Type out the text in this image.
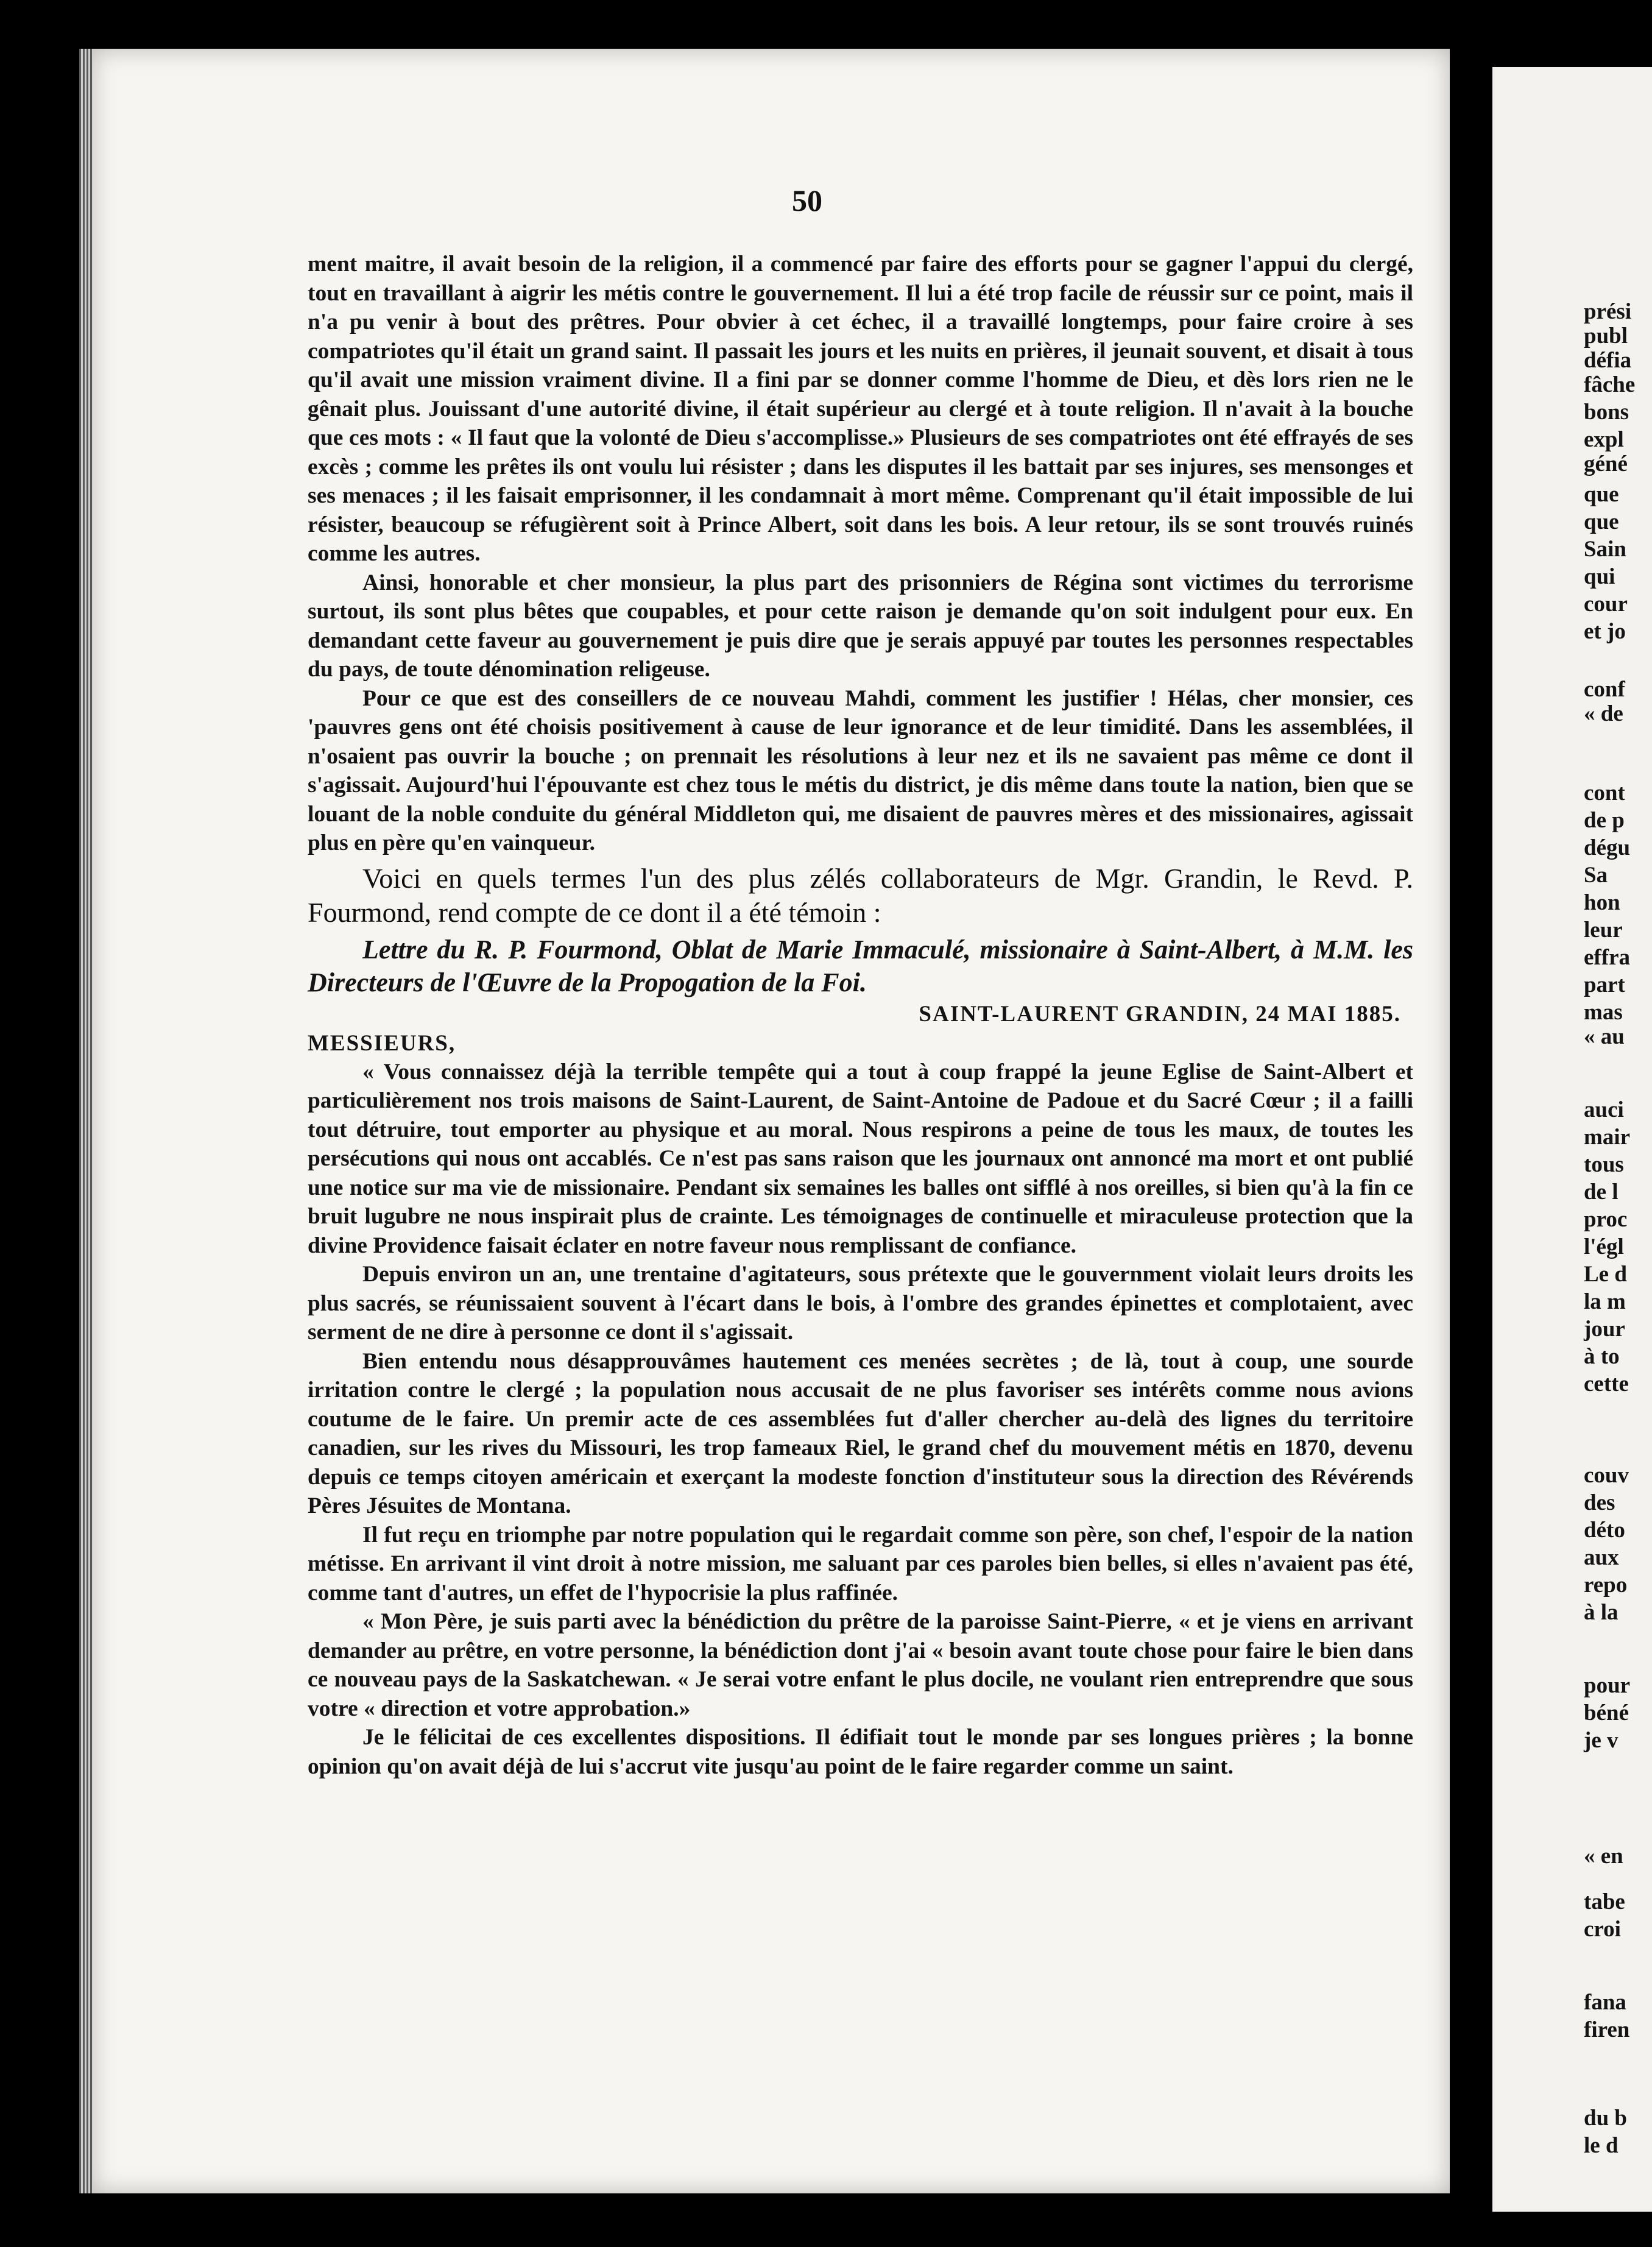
50

ment maitre, il avait besoin de la religion, il a commencé par faire des efforts pour se gagner l'appui du clergé, tout en travaillant à aigrir les métis contre le gouvernement. Il lui a été trop facile de réussir sur ce point, mais il n'a pu venir à bout des prêtres. Pour obvier à cet échec, il a travaillé longtemps, pour faire croire à ses compatriotes qu'il était un grand saint. Il passait les jours et les nuits en prières, il jeunait souvent, et disait à tous qu'il avait une mission vraiment divine. Il a fini par se donner comme l'homme de Dieu, et dès lors rien ne le gênait plus. Jouissant d'une autorité divine, il était supérieur au clergé et à toute religion. Il n'avait à la bouche que ces mots : « Il faut que la volonté de Dieu s'accomplisse.» Plusieurs de ses compatriotes ont été effrayés de ses excès ; comme les prêtes ils ont voulu lui résister ; dans les disputes il les battait par ses injures, ses mensonges et ses menaces ; il les faisait emprisonner, il les condamnait à mort même. Comprenant qu'il était impossible de lui résister, beaucoup se réfugièrent soit à Prince Albert, soit dans les bois. A leur retour, ils se sont trouvés ruinés comme les autres.

Ainsi, honorable et cher monsieur, la plus part des prisonniers de Régina sont victimes du terrorisme surtout, ils sont plus bêtes que coupables, et pour cette raison je demande qu'on soit indulgent pour eux. En demandant cette faveur au gouvernement je puis dire que je serais appuyé par toutes les personnes respectables du pays, de toute dénomination religeuse.

Pour ce que est des conseillers de ce nouveau Mahdi, comment les justifier ! Hélas, cher monsier, ces 'pauvres gens ont été choisis positivement à cause de leur ignorance et de leur timidité. Dans les assemblées, il n'osaient pas ouvrir la bouche ; on prennait les résolutions à leur nez et ils ne savaient pas même ce dont il s'agissait. Aujourd'hui l'épouvante est chez tous le métis du district, je dis même dans toute la nation, bien que se louant de la noble conduite du général Middleton qui, me disaient de pauvres mères et des missionaires, agissait plus en père qu'en vainqueur.

Voici en quels termes l'un des plus zélés collaborateurs de Mgr. Grandin, le Revd. P. Fourmond, rend compte de ce dont il a été témoin :

Lettre du R. P. Fourmond, Oblat de Marie Immaculé, missionaire à Saint-Albert, à M.M. les Directeurs de l'Œuvre de la Propogation de la Foi.

SAINT-LAURENT GRANDIN, 24 MAI 1885.
MESSIEURS,

« Vous connaissez déjà la terrible tempête qui a tout à coup frappé la jeune Eglise de Saint-Albert et particulièrement nos trois maisons de Saint-Laurent, de Saint-Antoine de Padoue et du Sacré Cœur ; il a failli tout détruire, tout emporter au physique et au moral. Nous respirons a peine de tous les maux, de toutes les persécutions qui nous ont accablés. Ce n'est pas sans raison que les journaux ont annoncé ma mort et ont publié une notice sur ma vie de missionaire. Pendant six semaines les balles ont sifflé à nos oreilles, si bien qu'à la fin ce bruit lugubre ne nous inspirait plus de crainte. Les témoignages de continuelle et miraculeuse protection que la divine Providence faisait éclater en notre faveur nous remplissant de confiance.

Depuis environ un an, une trentaine d'agitateurs, sous prétexte que le gouvernment violait leurs droits les plus sacrés, se réunissaient souvent à l'écart dans le bois, à l'ombre des grandes épinettes et complotaient, avec serment de ne dire à personne ce dont il s'agissait.

Bien entendu nous désapprouvâmes hautement ces menées secrètes ; de là, tout à coup, une sourde irritation contre le clergé ; la population nous accusait de ne plus favoriser ses intérêts comme nous avions coutume de le faire. Un premir acte de ces assemblées fut d'aller chercher au-delà des lignes du territoire canadien, sur les rives du Missouri, les trop fameaux Riel, le grand chef du mouvement métis en 1870, devenu depuis ce temps citoyen américain et exerçant la modeste fonction d'instituteur sous la direction des Révérends Pères Jésuites de Montana.

Il fut reçu en triomphe par notre population qui le regardait comme son père, son chef, l'espoir de la nation métisse. En arrivant il vint droit à notre mission, me saluant par ces paroles bien belles, si elles n'avaient pas été, comme tant d'autres, un effet de l'hypocrisie la plus raffinée.

« Mon Père, je suis parti avec la bénédiction du prêtre de la paroisse Saint-Pierre, « et je viens en arrivant demander au prêtre, en votre personne, la bénédiction dont j'ai « besoin avant toute chose pour faire le bien dans ce nouveau pays de la Saskatchewan. « Je serai votre enfant le plus docile, ne voulant rien entreprendre que sous votre « direction et votre approbation.»

Je le félicitai de ces excellentes dispositions. Il édifiait tout le monde par ses longues prières ; la bonne opinion qu'on avait déjà de lui s'accrut vite jusqu'au point de le faire regarder comme un saint.

prési
publ
défia
fâche
bons
expl
géné
que
que
Sain
qui
cour
et jo
conf
« de
cont
de p
dégu
Sa
hon
leur
effra
part
mas
« au
auci
mair
tous
de l
proc
l'égl
Le d
la m
jour
à to
cette
couv
des
déto
aux
repo
à la
pour
béné
je v
« en
tabe
croi
fana
firen
du b
le d
